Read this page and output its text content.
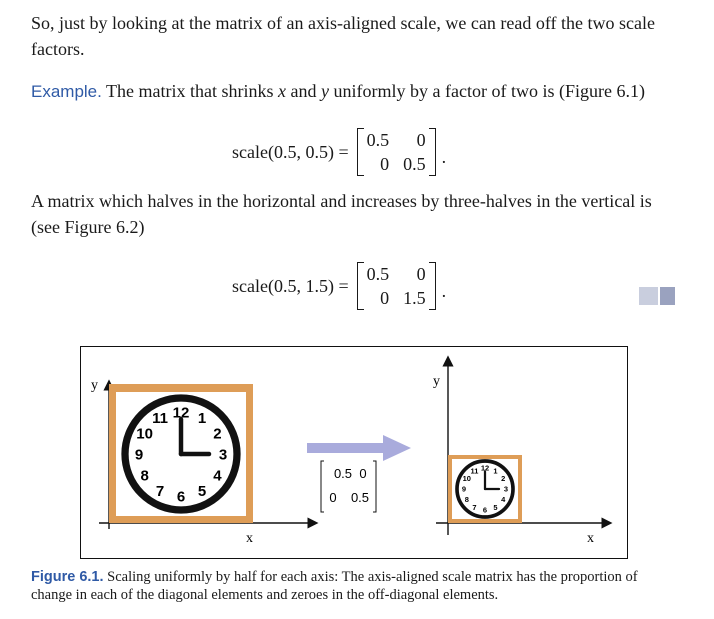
So, just by looking at the matrix of an axis-aligned scale, we can read off the two scale factors.
Example. The matrix that shrinks x and y uniformly by a factor of two is (Figure 6.1)
scale(0.5, 0.5) =
0.5	0
0 0.5 .
A matrix which halves in the horizontal and increases by three-halves in the vertical is (see Figure 6.2)
scale(0.5, 1.5) =
0.5	0
0 1.5 .
y
x
12 1
2
3
4
5
6
7
8
9
10
11
0.5 0
0 0.5
y
x
12 1
2
3
4
5
6
7
8
9
10
11
Figure 6.1. Scaling uniformly by half for each axis: The axis-aligned scale matrix has the proportion of change in each of the diagonal elements and zeroes in the off-diagonal elements.
